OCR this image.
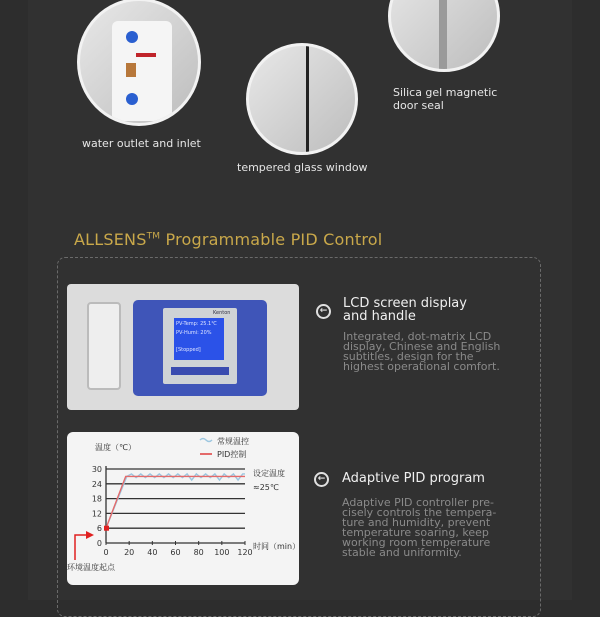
water outlet and inlet
tempered glass window
Silica gel magnetic
door seal
ALLSENS™ Programmable PID Control
Kenton
PV-Temp: 25.1℃
PV-Humi: 20%
[Stopped]
← LCD screen display
and handle
Integrated, dot-matrix LCD
display, Chinese and English
subtitles, design for the
highest operational comfort.
← Adaptive PID program
Adaptive PID controller pre-
cisely controls the tempera-
ture and humidity, prevent
temperature soaring, keep
working room temperature
stable and uniformity.
温度（℃）
常规温控
PID控制
0
6
12
18
24
30
0 20 40 60 80 100 120
设定温度
≈25℃
时间（min）
环境温度起点
